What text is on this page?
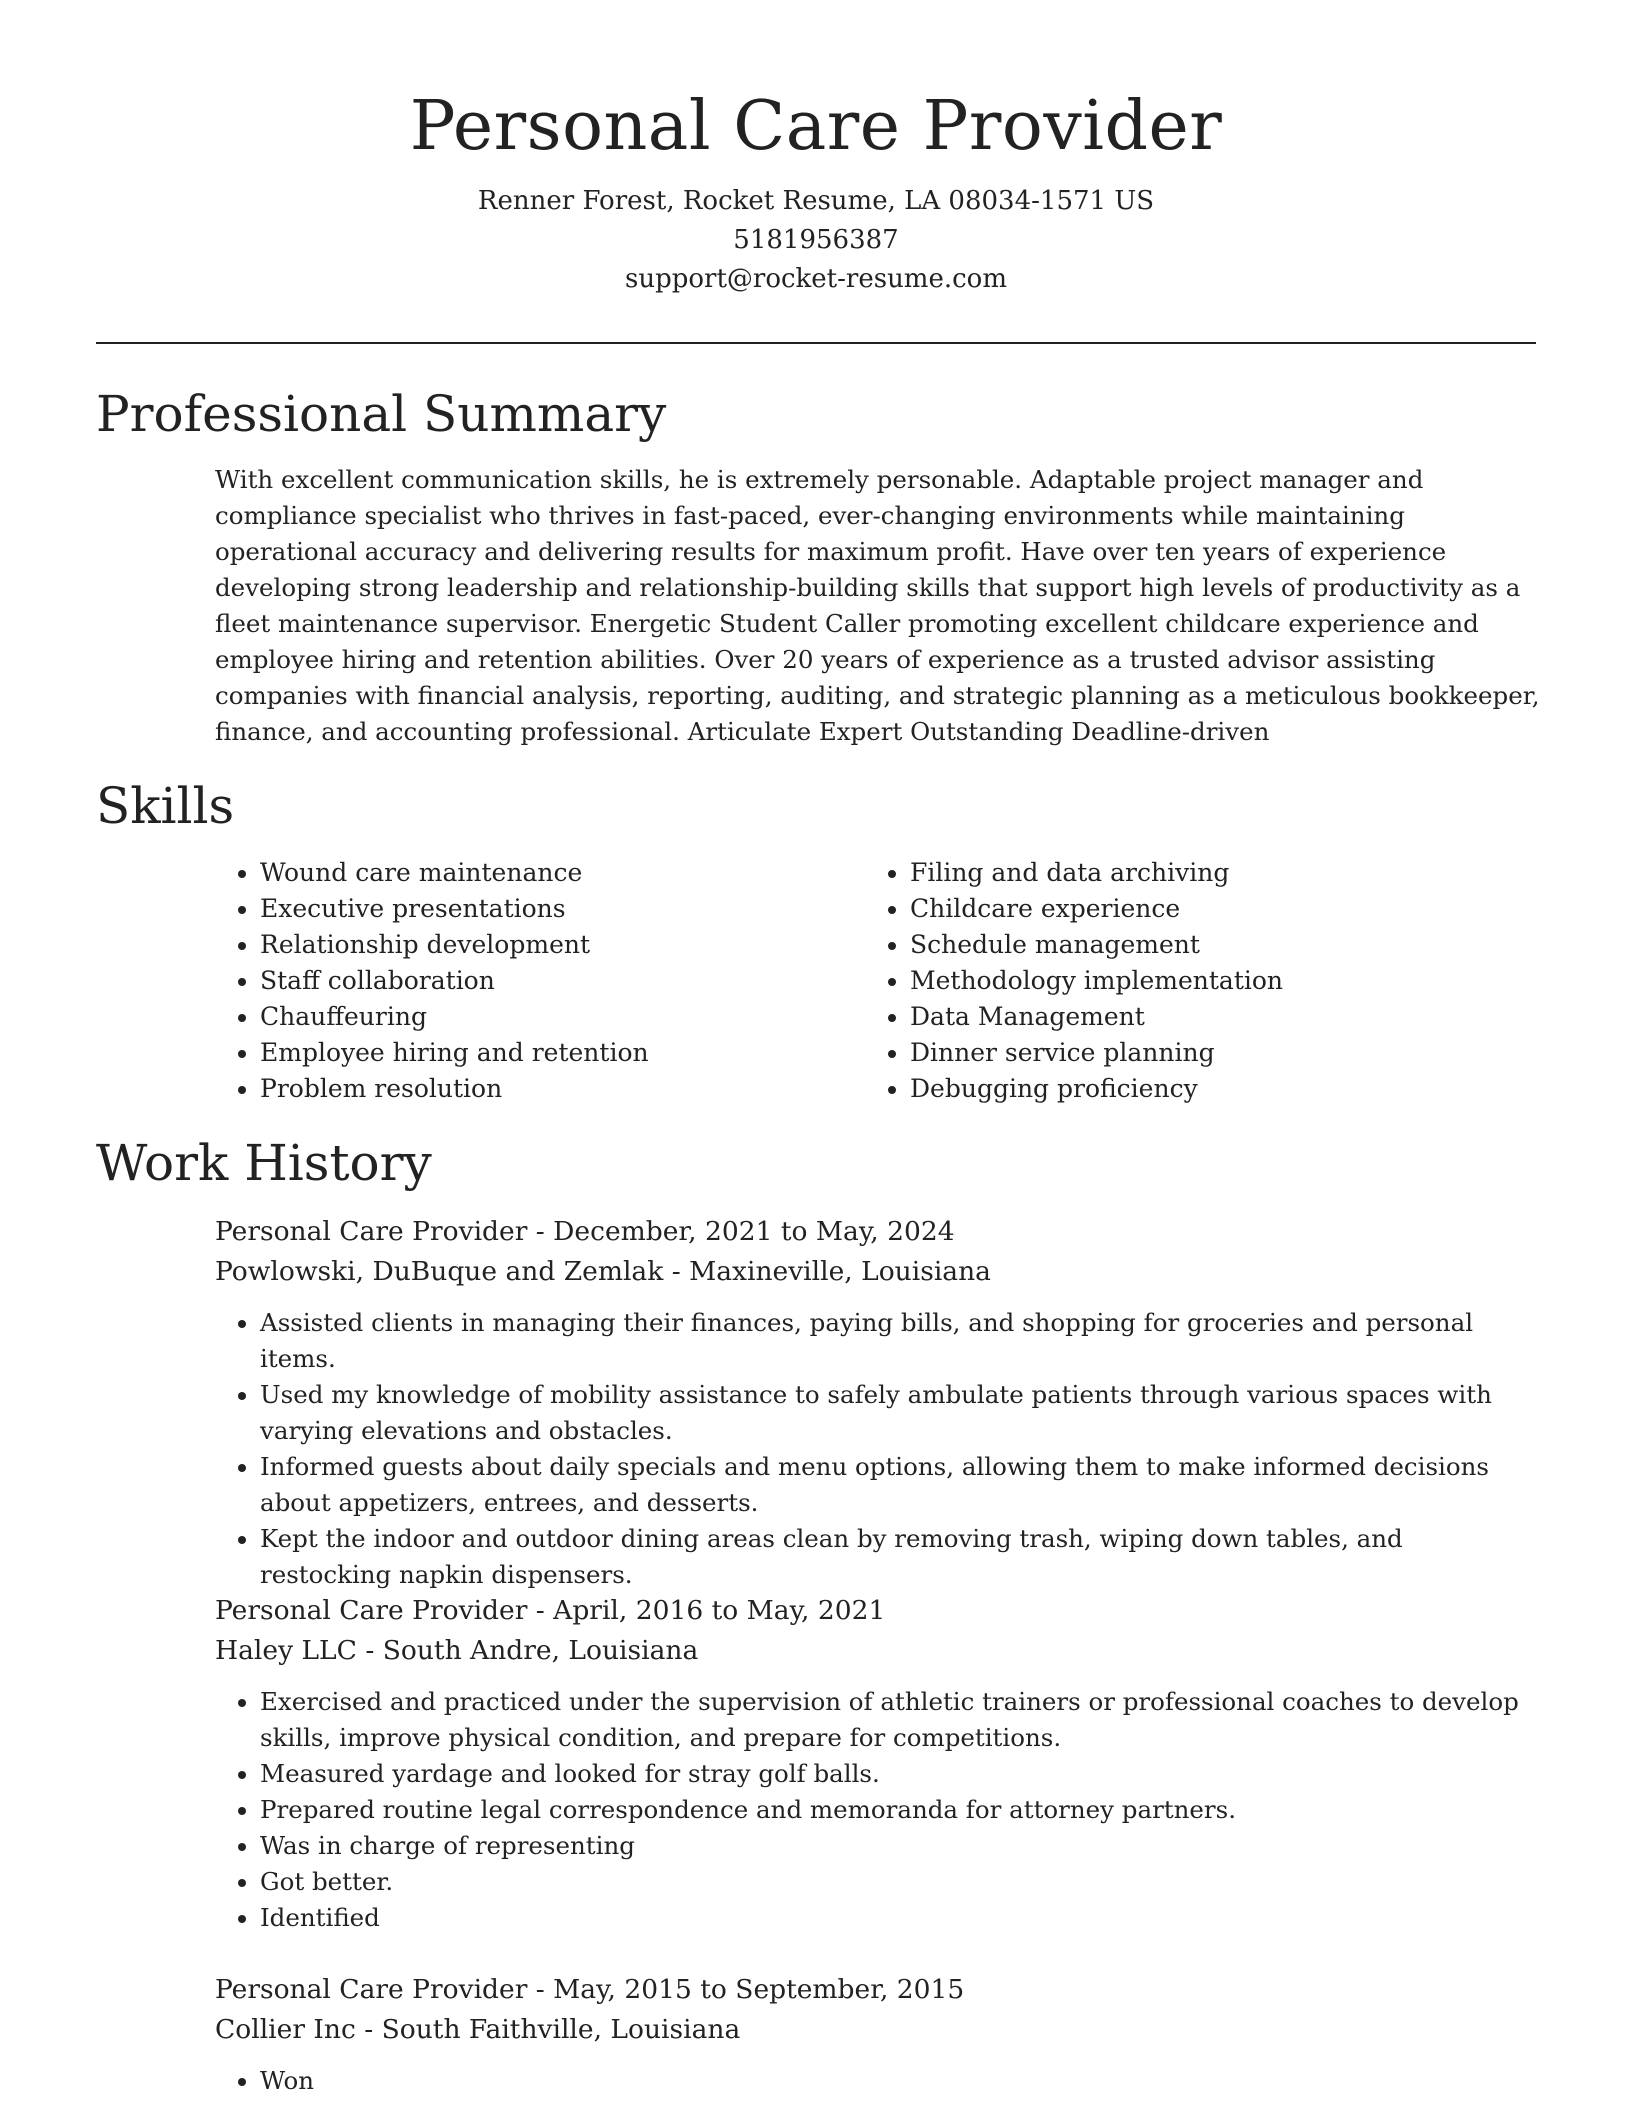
Personal Care Provider
Renner Forest, Rocket Resume, LA 08034-1571 US
5181956387
support@rocket-resume.com
Professional Summary
With excellent communication skills, he is extremely personable. Adaptable project manager and compliance specialist who thrives in fast-paced, ever-changing environments while maintaining operational accuracy and delivering results for maximum profit. Have over ten years of experience developing strong leadership and relationship-building skills that support high levels of productivity as a fleet maintenance supervisor. Energetic Student Caller promoting excellent childcare experience and employee hiring and retention abilities. Over 20 years of experience as a trusted advisor assisting companies with financial analysis, reporting, auditing, and strategic planning as a meticulous bookkeeper, finance, and accounting professional. Articulate Expert Outstanding Deadline-driven
Skills
• Wound care maintenance
• Executive presentations
• Relationship development
• Staff collaboration
• Chauffeuring
• Employee hiring and retention
• Problem resolution
• Filing and data archiving
• Childcare experience
• Schedule management
• Methodology implementation
• Data Management
• Dinner service planning
• Debugging proficiency
Work History
Personal Care Provider - December, 2021 to May, 2024
Powlowski, DuBuque and Zemlak - Maxineville, Louisiana
• Assisted clients in managing their finances, paying bills, and shopping for groceries and personal items.
• Used my knowledge of mobility assistance to safely ambulate patients through various spaces with varying elevations and obstacles.
• Informed guests about daily specials and menu options, allowing them to make informed decisions about appetizers, entrees, and desserts.
• Kept the indoor and outdoor dining areas clean by removing trash, wiping down tables, and restocking napkin dispensers.
Personal Care Provider - April, 2016 to May, 2021
Haley LLC - South Andre, Louisiana
• Exercised and practiced under the supervision of athletic trainers or professional coaches to develop skills, improve physical condition, and prepare for competitions.
• Measured yardage and looked for stray golf balls.
• Prepared routine legal correspondence and memoranda for attorney partners.
• Was in charge of representing
• Got better.
• Identified
Personal Care Provider - May, 2015 to September, 2015
Collier Inc - South Faithville, Louisiana
• Won
